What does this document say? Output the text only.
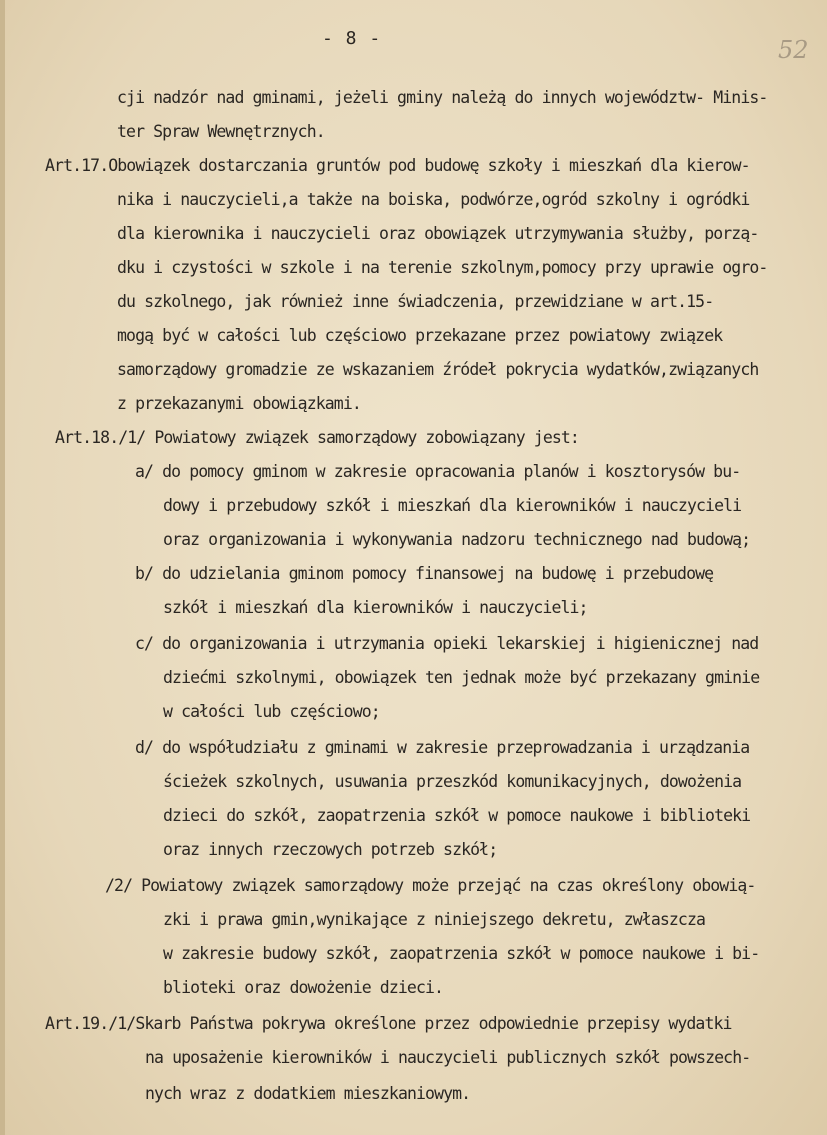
- 8 -	52
cji nadzór nad gminami, jeżeli gminy należą do innych województw- Minis-
ter Spraw Wewnętrznych.
Art.17.Obowiązek dostarczania gruntów pod budowę szkoły i mieszkań dla kierow-
nika i nauczycieli,a także na boiska, podwórze,ogród szkolny i ogródki
dla kierownika i nauczycieli oraz obowiązek utrzymywania służby, porzą-
dku i czystości w szkole i na terenie szkolnym,pomocy przy uprawie ogro-
du szkolnego, jak również inne świadczenia, przewidziane w art.15-
mogą być w całości lub częściowo przekazane przez powiatowy związek
samorządowy gromadzie ze wskazaniem źródeł pokrycia wydatków,związanych
z przekazanymi obowiązkami.
Art.18./1/ Powiatowy związek samorządowy zobowiązany jest:
a/ do pomocy gminom w zakresie opracowania planów i kosztorysów bu-
dowy i przebudowy szkół i mieszkań dla kierowników i nauczycieli
oraz organizowania i wykonywania nadzoru technicznego nad budową;
b/ do udzielania gminom pomocy finansowej na budowę i przebudowę
szkół i mieszkań dla kierowników i nauczycieli;
c/ do organizowania i utrzymania opieki lekarskiej i higienicznej nad
dziećmi szkolnymi, obowiązek ten jednak może być przekazany gminie
w całości lub częściowo;
d/ do współudziału z gminami w zakresie przeprowadzania i urządzania
ścieżek szkolnych, usuwania przeszkód komunikacyjnych, dowożenia
dzieci do szkół, zaopatrzenia szkół w pomoce naukowe i biblioteki
oraz innych rzeczowych potrzeb szkół;
/2/ Powiatowy związek samorządowy może przejąć na czas określony obowią-
zki i prawa gmin,wynikające z niniejszego dekretu, zwłaszcza
w zakresie budowy szkół, zaopatrzenia szkół w pomoce naukowe i bi-
blioteki oraz dowożenie dzieci.
Art.19./1/Skarb Państwa pokrywa określone przez odpowiednie przepisy wydatki
na uposażenie kierowników i nauczycieli publicznych szkół powszech-
nych wraz z dodatkiem mieszkaniowym.
